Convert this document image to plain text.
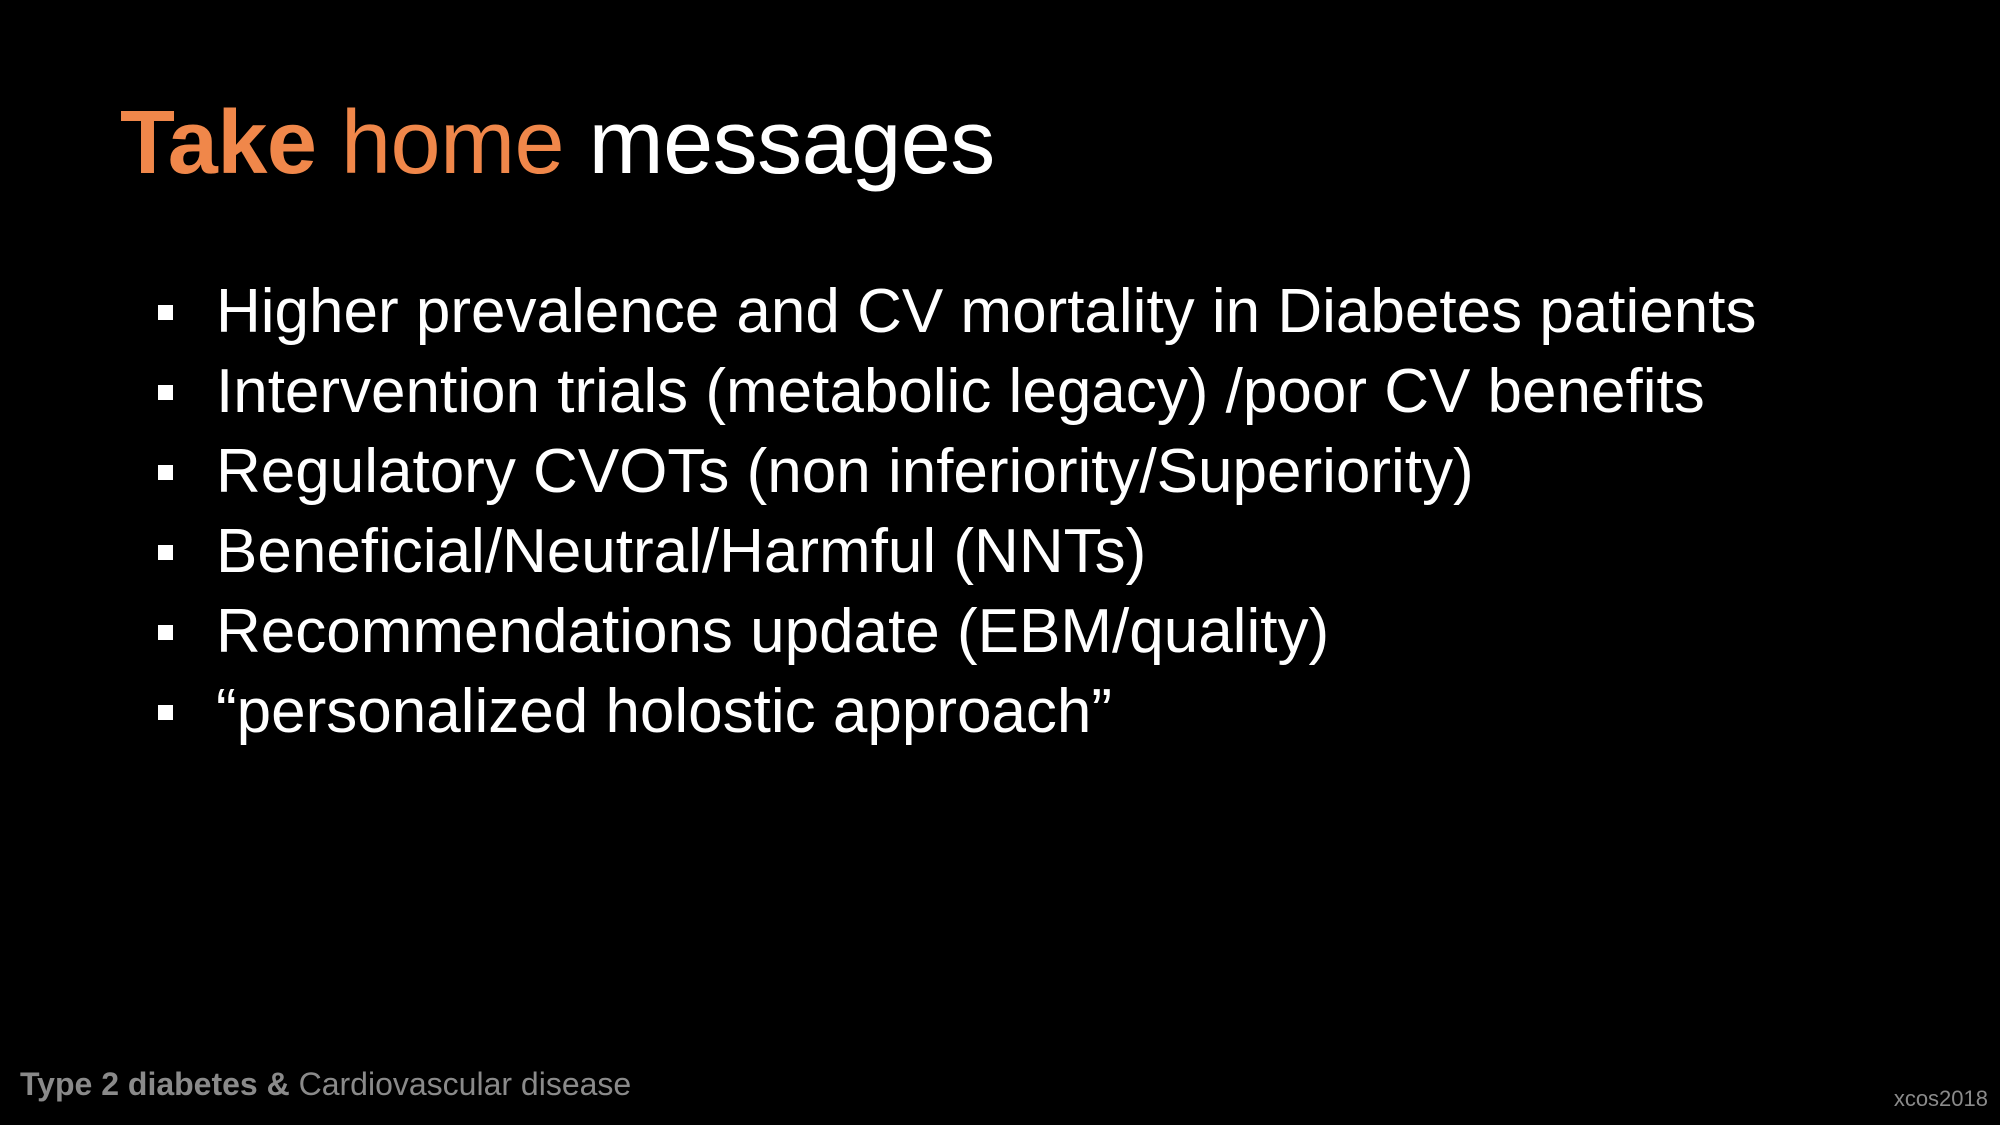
Take home messages
Higher prevalence and CV mortality in Diabetes patients
Intervention trials (metabolic legacy) /poor CV benefits
Regulatory CVOTs (non inferiority/Superiority)
Beneficial/Neutral/Harmful (NNTs)
Recommendations update (EBM/quality)
“personalized holostic approach”
Type 2 diabetes & Cardiovascular disease	xcos2018
